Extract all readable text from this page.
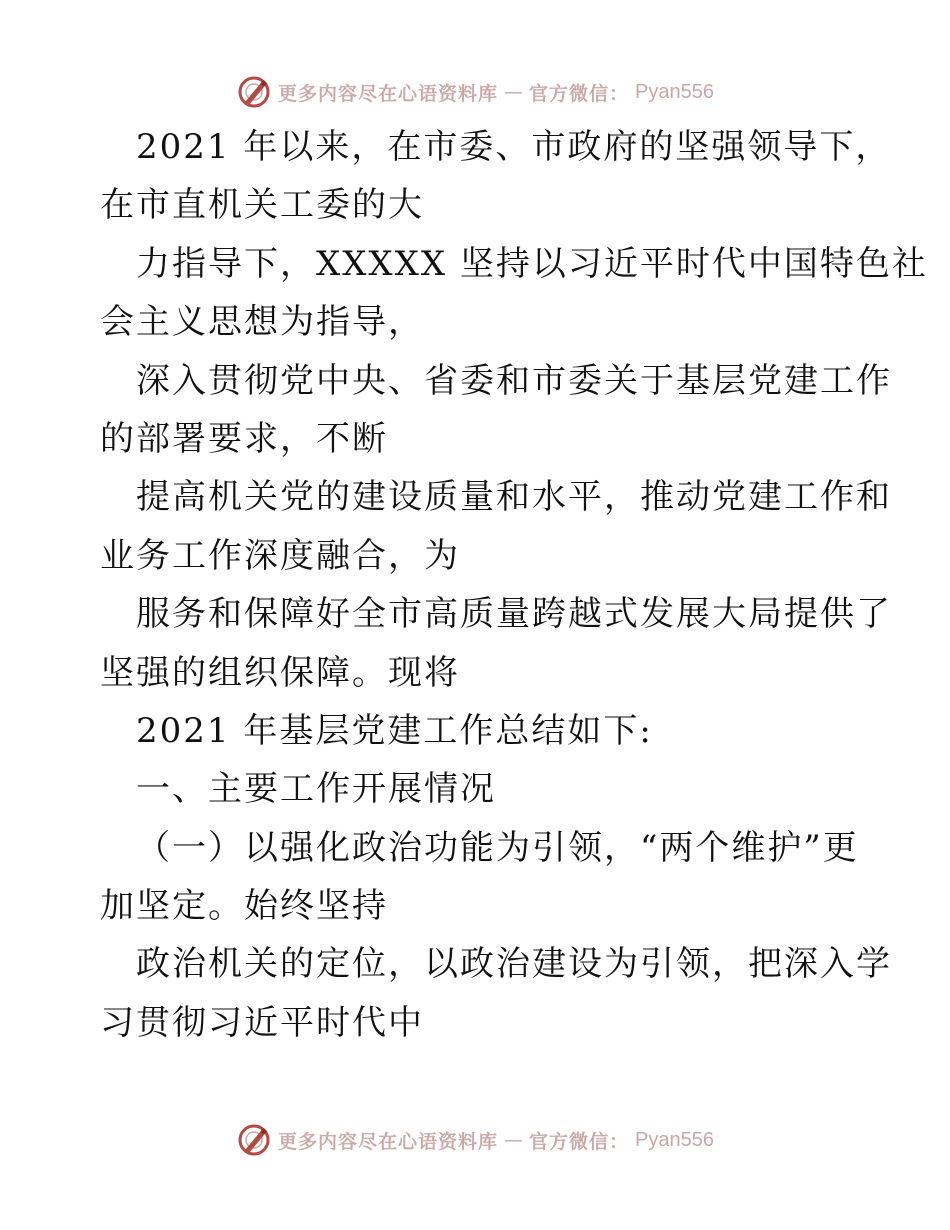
更多内容尽在心语资料库 — 官方微信： Pyan556
2021 年以来，在市委、市政府的坚强领导下，
在市直机关工委的大
力指导下，XXXXX 坚持以习近平时代中国特色社
会主义思想为指导，
深入贯彻党中央、省委和市委关于基层党建工作
的部署要求，不断
提高机关党的建设质量和水平，推动党建工作和
业务工作深度融合，为
服务和保障好全市高质量跨越式发展大局提供了
坚强的组织保障。现将
2021 年基层党建工作总结如下:
一、主要工作开展情况
（一）以强化政治功能为引领，“两个维护”更
加坚定。始终坚持
政治机关的定位，以政治建设为引领，把深入学
习贯彻习近平时代中
更多内容尽在心语资料库 — 官方微信： Pyan556
